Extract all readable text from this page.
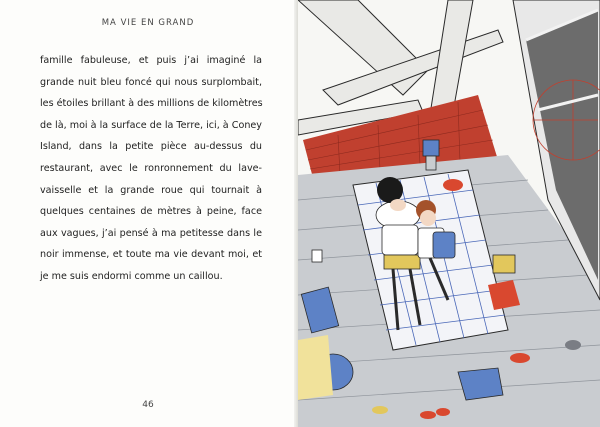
MA VIE EN GRAND
famille fabuleuse, et puis j’ai imaginé la
grande nuit bleu foncé qui nous surplombait,
les étoiles brillant à des millions de kilomètres
de là, moi à la surface de la Terre, ici, à Coney
Island, dans la petite pièce au-dessus du
restaurant, avec le ronronnement du lave-
vaisselle et la grande roue qui tournait à
quelques centaines de mètres à peine, face
aux vagues, j’ai pensé à ma petitesse dans le
noir immense, et toute ma vie devant moi, et
je me suis endormi comme un caillou.
46
